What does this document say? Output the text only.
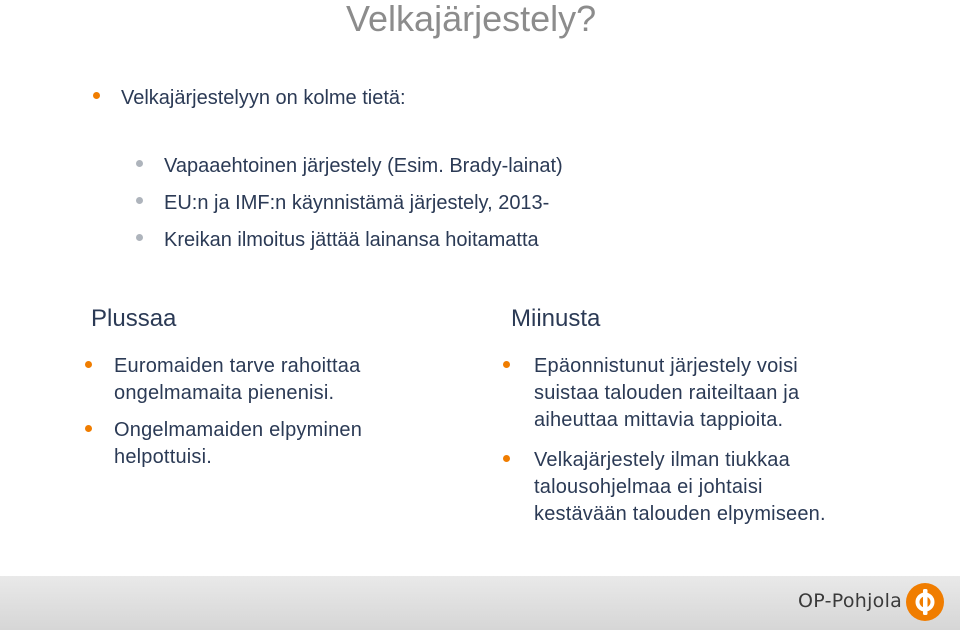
Velkajärjestely?
Velkajärjestelyyn on kolme tietä:
Vapaaehtoinen järjestely (Esim. Brady-lainat)
EU:n ja IMF:n käynnistämä järjestely, 2013-
Kreikan ilmoitus jättää lainansa hoitamatta
Plussaa
Euromaiden tarve rahoittaa
ongelmamaita pienenisi.
Ongelmamaiden elpyminen
helpottuisi.
Miinusta
Epäonnistunut järjestely voisi
suistaa talouden raiteiltaan ja
aiheuttaa mittavia tappioita.
Velkajärjestely ilman tiukkaa
talousohjelmaa ei johtaisi
kestävään talouden elpymiseen.
OP-Pohjola
